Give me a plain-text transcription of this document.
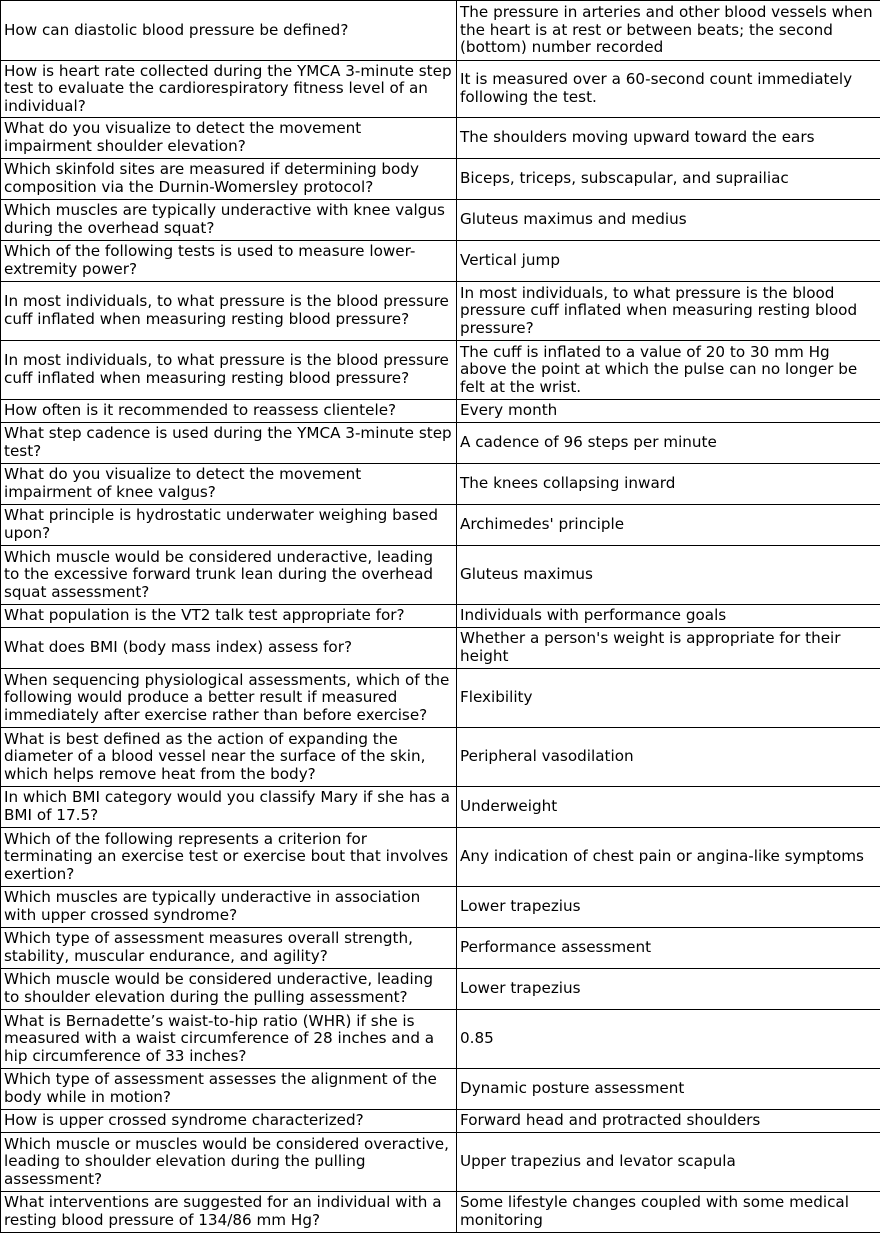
How can diastolic blood pressure be defined?	The pressure in arteries and other blood vessels when the heart is at rest or between beats; the second (bottom) number recorded
How is heart rate collected during the YMCA 3-minute step test to evaluate the cardiorespiratory fitness level of an individual?	It is measured over a 60-second count immediately following the test.
What do you visualize to detect the movement impairment shoulder elevation?	The shoulders moving upward toward the ears
Which skinfold sites are measured if determining body composition via the Durnin-Womersley protocol?	Biceps, triceps, subscapular, and suprailiac
Which muscles are typically underactive with knee valgus during the overhead squat?	Gluteus maximus and medius
Which of the following tests is used to measure lower-extremity power?	Vertical jump
In most individuals, to what pressure is the blood pressure cuff inflated when measuring resting blood pressure?	In most individuals, to what pressure is the blood pressure cuff inflated when measuring resting blood pressure?
In most individuals, to what pressure is the blood pressure cuff inflated when measuring resting blood pressure?	The cuff is inflated to a value of 20 to 30 mm Hg above the point at which the pulse can no longer be felt at the wrist.
How often is it recommended to reassess clientele?	Every month
What step cadence is used during the YMCA 3-minute step test?	A cadence of 96 steps per minute
What do you visualize to detect the movement impairment of knee valgus?	The knees collapsing inward
What principle is hydrostatic underwater weighing based upon?	Archimedes' principle
Which muscle would be considered underactive, leading to the excessive forward trunk lean during the overhead squat assessment?	Gluteus maximus
What population is the VT2 talk test appropriate for?	Individuals with performance goals
What does BMI (body mass index) assess for?	Whether a person's weight is appropriate for their height
When sequencing physiological assessments, which of the following would produce a better result if measured immediately after exercise rather than before exercise?	Flexibility
What is best defined as the action of expanding the diameter of a blood vessel near the surface of the skin, which helps remove heat from the body?	Peripheral vasodilation
In which BMI category would you classify Mary if she has a BMI of 17.5?	Underweight
Which of the following represents a criterion for terminating an exercise test or exercise bout that involves exertion?	Any indication of chest pain or angina-like symptoms
Which muscles are typically underactive in association with upper crossed syndrome?	Lower trapezius
Which type of assessment measures overall strength, stability, muscular endurance, and agility?	Performance assessment
Which muscle would be considered underactive, leading to shoulder elevation during the pulling assessment?	Lower trapezius
What is Bernadette’s waist-to-hip ratio (WHR) if she is measured with a waist circumference of 28 inches and a hip circumference of 33 inches?	0.85
Which type of assessment assesses the alignment of the body while in motion?	Dynamic posture assessment
How is upper crossed syndrome characterized?	Forward head and protracted shoulders
Which muscle or muscles would be considered overactive, leading to shoulder elevation during the pulling assessment?	Upper trapezius and levator scapula
What interventions are suggested for an individual with a resting blood pressure of 134/86 mm Hg?	Some lifestyle changes coupled with some medical monitoring
